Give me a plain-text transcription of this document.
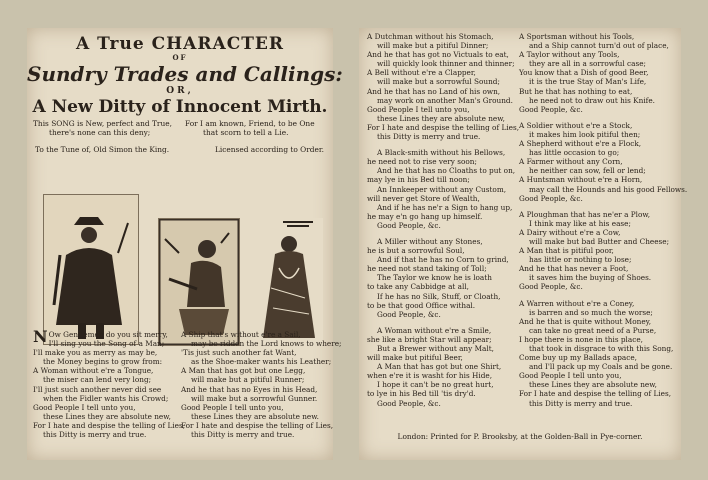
A True CHARACTER
OF
Sundry Trades and Callings:
OR,
A New Ditty of Innocent Mirth.
This SONG is New, perfect and True,
there's none can this deny;
For I am known, Friend, to be One
that scorn to tell a Lie.
To the Tune of, Old Simon the King.	Licensed according to Order.
N Ow Gentlemen do you sit merry,

I'll sing you the Song of a Man;

I'll make you as merry as may be,

the Money begins to grow from:

A Woman without e're a Tongue,

the miser can lend very long;

I'll just such another never did see

when the Fidler wants his Crowd;

Good People I tell unto you,

these Lines they are absolute new,

For I hate and despise the telling of Lies,

this Ditty is merry and true.

A Ship that's without e're a Sail,

may be ridden the Lord knows to where;

'Tis just such another fat Want,

as the Shoe-maker wants his Leather;

A Man that has got but one Legg,

will make but a pitiful Runner;

And he that has no Eyes in his Head,

will make but a sorrowful Gunner.

Good People I tell unto you,

these Lines they are absolute new.

For I hate and despise the telling of Lies,

this Ditty is merry and true.

A Dutchman without his Stomach,

will make but a pitiful Dinner;

And he that has got no Victuals to eat,

will quickly look thinner and thinner;

A Bell without e're a Clapper,

will make but a sorrowful Sound;

And he that has no Land of his own,

may work on another Man's Ground.

Good People I tell unto you,

these Lines they are absolute new,

For I hate and despise the telling of Lies,

this Ditty is merry and true.

A Black-smith without his Bellows,

he need not to rise very soon;

And he that has no Cloaths to put on,

may lye in his Bed till noon;

An Innkeeper without any Custom,

will never get Store of Wealth,

And if he has ne'r a Sign to hang up,

he may e'n go hang up himself.

Good People, &c.

A Miller without any Stones,

he is but a sorrowful Soul,

And if that he has no Corn to grind,

he need not stand taking of Toll;

The Taylor we know he is loath

to take any Cabbidge at all,

If he has no Silk, Stuff, or Cloath,

to be that good Office withal.

Good People, &c.

A Woman without e're a Smile,

she like a bright Star will appear;

But a Brewer without any Malt,

will make but pitiful Beer,

A Man that has got but one Shirt,

when e're it is washt for his Hide,

I hope it can't be no great hurt,

to lye in his Bed till 'tis dry'd.

Good People, &c.

A Sportsman without his Tools,

and a Ship cannot turn'd out of place,

A Taylor without any Tools,

they are all in a sorrowful case;

You know that a Dish of good Beer,

it is the true Stay of Man's Life,

But he that has nothing to eat,

he need not to draw out his Knife.

Good People, &c.

A Soldier without e're a Stock,

it makes him look pitiful then;

A Shepherd without e're a Flock,

has little occasion to go;

A Farmer without any Corn,

he neither can sow, fell or lend;

A Huntsman without e're a Horn,

may call the Hounds and his good Fellows.

Good People, &c.

A Ploughman that has ne'er a Plow,

I think may like at his ease;

A Dairy without e're a Cow,

will make but bad Butter and Cheese;

A Man that is pitiful poor,

has little or nothing to lose;

And he that has never a Foot,

it saves him the buying of Shoes.

Good People, &c.

A Warren without e're a Coney,

is barren and so much the worse;

And he that is quite without Money,

can take no great need of a Purse,

I hope there is none in this place,

that took in disgrace to with this Song,

Come buy up my Ballads apace,

and I'll pack up my Coals and be gone.

Good People I tell unto you,

these Lines they are absolute new,

For I hate and despise the telling of Lies,

this Ditty is merry and true.

London: Printed for P. Brooksby, at the Golden-Ball in Pye-corner.
